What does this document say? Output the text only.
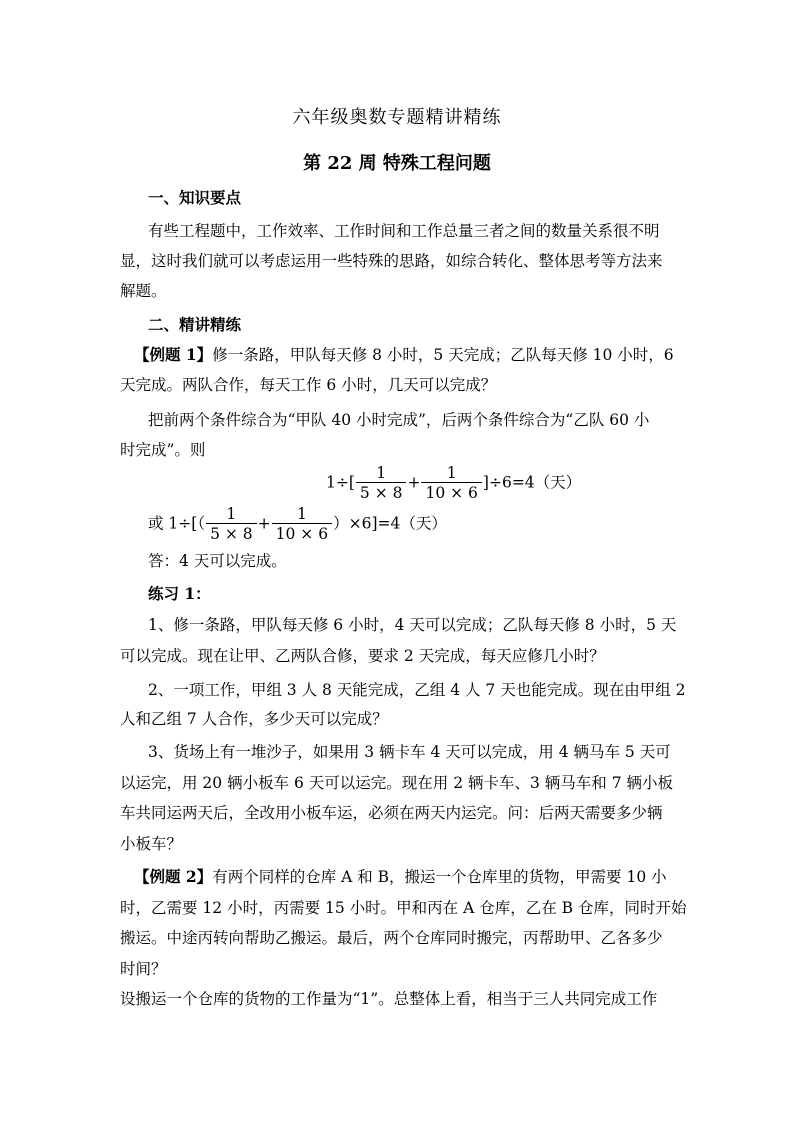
六年级奥数专题精讲精练
第 22 周 特殊工程问题
一、知识要点
有些工程题中，工作效率、工作时间和工作总量三者之间的数量关系很不明
显，这时我们就可以考虑运用一些特殊的思路，如综合转化、整体思考等方法来
解题。
二、精讲精练
【例题 1】修一条路，甲队每天修 8 小时，5 天完成；乙队每天修 10 小时，6
天完成。两队合作，每天工作 6 小时，几天可以完成？
把前两个条件综合为“甲队 40 小时完成”，后两个条件综合为“乙队 60 小
时完成”。则
$1\div[ \frac{1}{5 \times 8} + \frac{1}{10 \times 6} ]\div 6=4$（天）
或 $1\div[( \frac{1}{5 \times 8} + \frac{1}{10 \times 6} )\times 6]=4$（天）
答：4 天可以完成。
练习 1：
1、修一条路，甲队每天修 6 小时，4 天可以完成；乙队每天修 8 小时，5 天
可以完成。现在让甲、乙两队合修，要求 2 天完成，每天应修几小时？
2、一项工作，甲组 3 人 8 天能完成，乙组 4 人 7 天也能完成。现在由甲组 2
人和乙组 7 人合作，多少天可以完成？
3、货场上有一堆沙子，如果用 3 辆卡车 4 天可以完成，用 4 辆马车 5 天可
以运完，用 20 辆小板车 6 天可以运完。现在用 2 辆卡车、3 辆马车和 7 辆小板
车共同运两天后，全改用小板车运，必须在两天内运完。问：后两天需要多少辆
小板车？
【例题 2】有两个同样的仓库 A 和 B，搬运一个仓库里的货物，甲需要 10 小
时，乙需要 12 小时，丙需要 15 小时。甲和丙在 A 仓库，乙在 B 仓库，同时开始
搬运。中途丙转向帮助乙搬运。最后，两个仓库同时搬完，丙帮助甲、乙各多少
时间？
设搬运一个仓库的货物的工作量为“1”。总整体上看，相当于三人共同完成工作
